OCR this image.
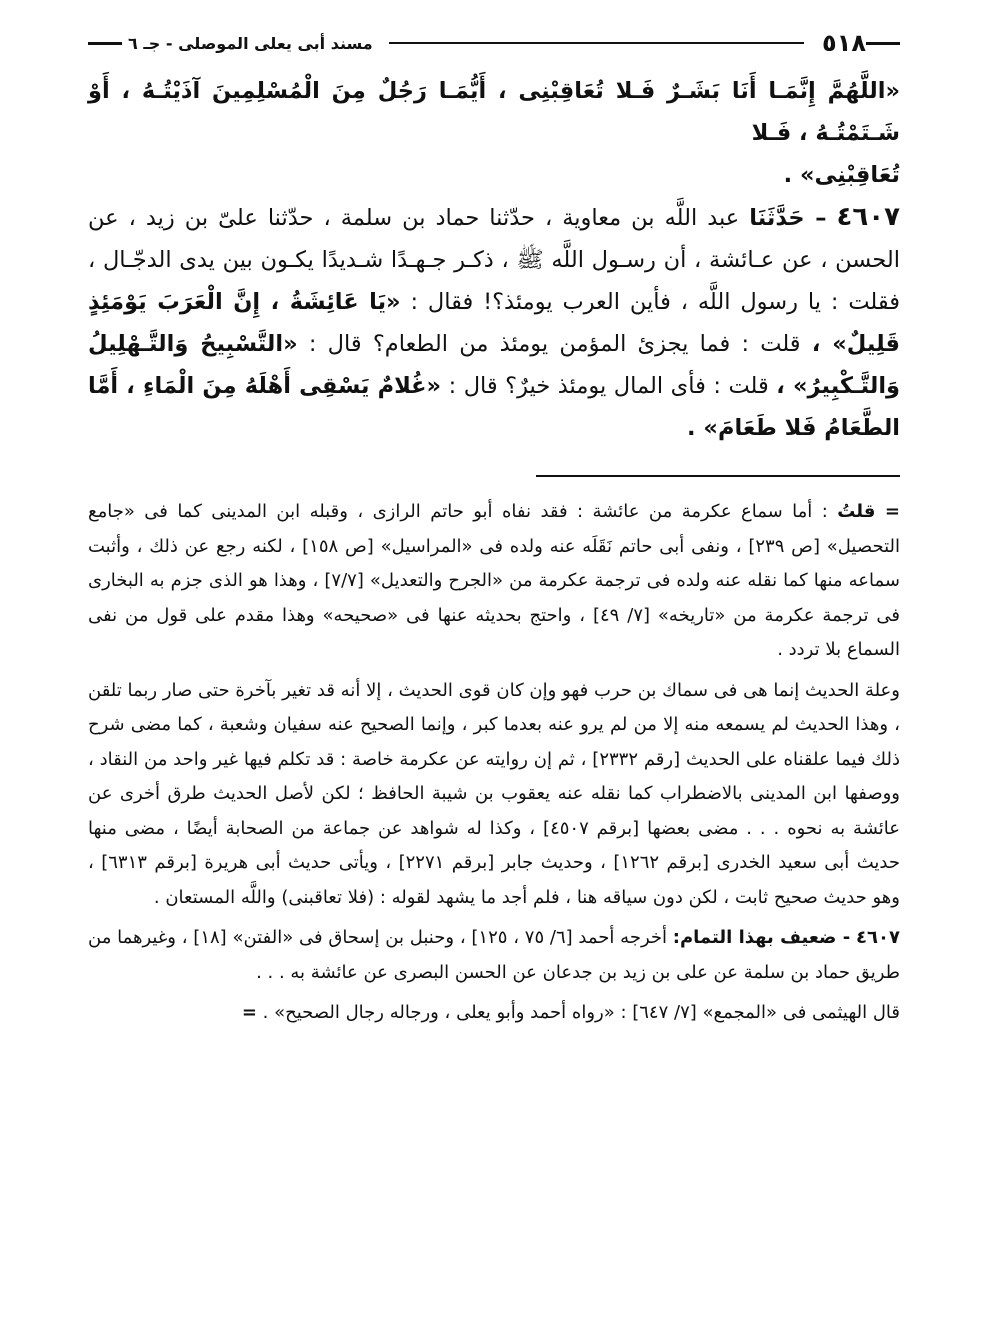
٥١٨
مسند أبى يعلى الموصلى - جـ ٦

«اللَّهُمَّ إِنَّمَـا أَنَا بَشَـرٌ فَـلا تُعَاقِبْنِى ، أَيُّمَـا رَجُلٌ مِنَ الْمُسْلِمِينَ آذَيْتُـهُ ، أَوْ شَـتَمْتُـهُ ، فَـلا
تُعَاقِبْنِى» .

٤٦٠٧ – حَدَّثَنَا عبد اللَّه بن معاوية ، حدّثنا حماد بن سلمة ، حدّثنا علىّ بن زيد ، عن الحسن ، عن عـائشة ، أن رسـول اللَّه ﷺ ، ذكـر جـهـدًا شـديدًا يكـون بين يدى الدجّـال ، فقلت : يا رسول اللَّه ، فأين العرب يومئذ؟! فقال : «يَا عَائِشَةُ ، إِنَّ الْعَرَبَ يَوْمَئِذٍ قَلِيلٌ» ، قلت : فما يجزئ المؤمن يومئذ من الطعام؟ قال : «التَّسْبِيحُ وَالتَّـهْلِيلُ وَالتَّـكْبِيرُ» ، قلت : فأى المال يومئذ خيرٌ؟ قال : «غُلامٌ يَسْقِى أَهْلَهُ مِنَ الْمَاءِ ، أَمَّا الطَّعَامُ فَلا طَعَامَ» .

= قلتُ : أما سماع عكرمة من عائشة : فقد نفاه أبو حاتم الرازى ، وقبله ابن المدينى كما فى «جامع التحصيل» [ص ٢٣٩] ، ونفى أبى حاتم نَقَلَه عنه ولده فى «المراسيل» [ص ١٥٨] ، لكنه رجع عن ذلك ، وأثبت سماعه منها كما نقله عنه ولده فى ترجمة عكرمة من «الجرح والتعديل» [٧/٧] ، وهذا هو الذى جزم به البخارى فى ترجمة عكرمة من «تاريخه» [٧/ ٤٩] ، واحتج بحديثه عنها فى «صحيحه» وهذا مقدم على قول من نفى السماع بلا تردد .

وعلة الحديث إنما هى فى سماك بن حرب فهو وإن كان قوى الحديث ، إلا أنه قد تغير بآخرة حتى صار ربما تلقن ، وهذا الحديث لم يسمعه منه إلا من لم يرو عنه بعدما كبر ، وإنما الصحيح عنه سفيان وشعبة ، كما مضى شرح ذلك فيما علقناه على الحديث [رقم ٢٣٣٢] ، ثم إن روايته عن عكرمة خاصة : قد تكلم فيها غير واحد من النقاد ، ووصفها ابن المدينى بالاضطراب كما نقله عنه يعقوب بن شيبة الحافظ ؛ لكن لأصل الحديث طرق أخرى عن عائشة به نحوه . . . مضى بعضها [برقم ٤٥٠٧] ، وكذا له شواهد عن جماعة من الصحابة أيضًا ، مضى منها حديث أبى سعيد الخدرى [برقم ١٢٦٢] ، وحديث جابر [برقم ٢٢٧١] ، ويأتى حديث أبى هريرة [برقم ٦٣١٣] ، وهو حديث صحيح ثابت ، لكن دون سياقه هنا ، فلم أجد ما يشهد لقوله : (فلا تعاقبنى) واللَّه المستعان .

٤٦٠٧ - ضعيف بهذا التمام: أخرجه أحمد [٦/ ٧٥ ، ١٢٥] ، وحنبل بن إسحاق فى «الفتن» [١٨] ، وغيرهما من طريق حماد بن سلمة عن على بن زيد بن جدعان عن الحسن البصرى عن عائشة به . . .

قال الهيثمى فى «المجمع» [٧/ ٦٤٧] : «رواه أحمد وأبو يعلى ، ورجاله رجال الصحيح» . =
